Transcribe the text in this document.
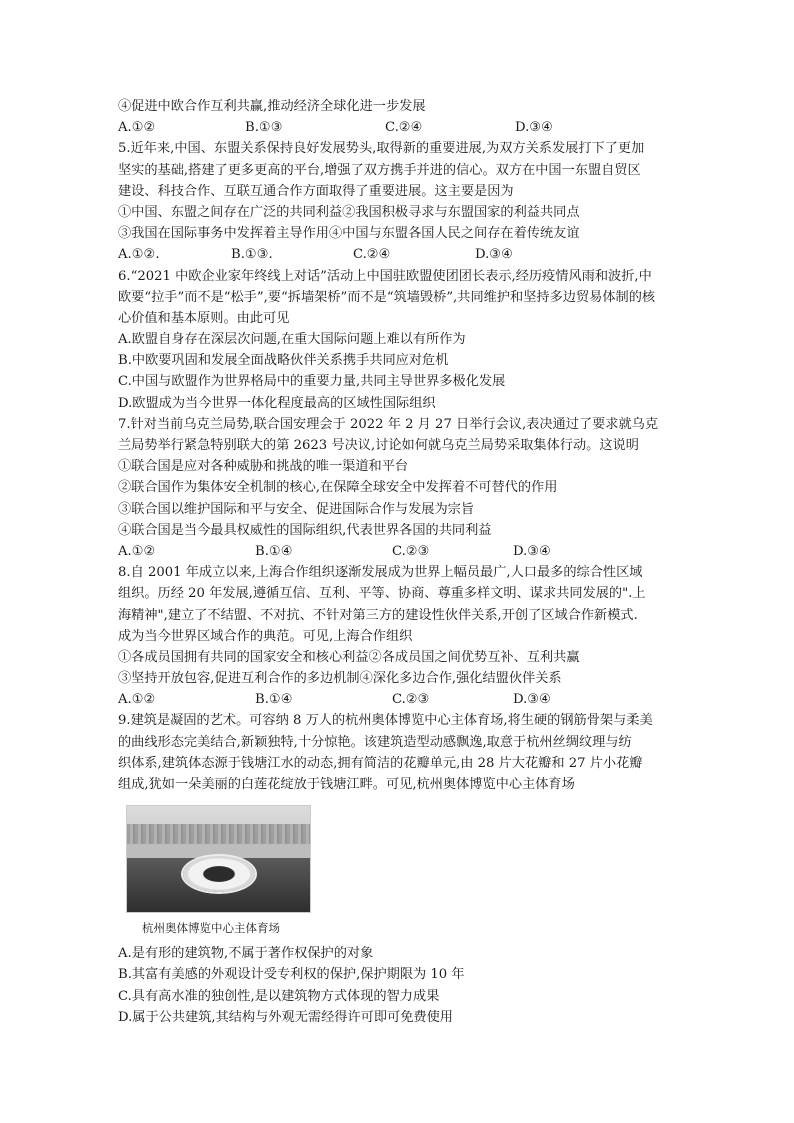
④促进中欧合作互利共赢,推动经济全球化进一步发展
A.①②	B.①③	C.②④	D.③④
5.近年来,中国、东盟关系保持良好发展势头,取得新的重要进展,为双方关系发展打下了更加
坚实的基础,搭建了更多更高的平台,增强了双方携手并进的信心。双方在中国一东盟自贸区
建设、科技合作、互联互通合作方面取得了重要进展。这主要是因为
①中国、东盟之间存在广泛的共同利益②我国积极寻求与东盟国家的利益共同点
③我国在国际事务中发挥着主导作用④中国与东盟各国人民之间存在着传统友谊
A.①②.	B.①③.	C.②④	D.③④
6.“2021 中欧企业家年终线上对话”活动上中国驻欧盟使团团长表示,经历疫情风雨和波折,中
欧要“拉手”而不是“松手”,要“拆墙架桥”而不是“筑墙毁桥”,共同维护和坚持多边贸易体制的核
心价值和基本原则。由此可见
A.欧盟自身存在深层次问题,在重大国际问题上难以有所作为
B.中欧要巩固和发展全面战略伙伴关系携手共同应对危机
C.中国与欧盟作为世界格局中的重要力量,共同主导世界多极化发展
D.欧盟成为当今世界一体化程度最高的区域性国际组织
7.针对当前乌克兰局势,联合国安理会于 2022 年 2 月 27 日举行会议,表决通过了要求就乌克
兰局势举行紧急特别联大的第 2623 号决议,讨论如何就乌克兰局势采取集体行动。这说明
①联合国是应对各种威胁和挑战的唯一渠道和平台
②联合国作为集体安全机制的核心,在保障全球安全中发挥着不可替代的作用
③联合国以维护国际和平与安全、促进国际合作与发展为宗旨
④联合国是当今最具权威性的国际组织,代表世界各国的共同利益
A.①②	B.①④	C.②③	D.③④
8.自 2001 年成立以来,上海合作组织逐渐发展成为世界上幅员最广,人口最多的综合性区域
组织。历经 20 年发展,遵循互信、互利、平等、协商、尊重多样文明、谋求共同发展的".上
海精神",建立了不结盟、不对抗、不针对第三方的建设性伙伴关系,开创了区域合作新模式.
成为当今世界区域合作的典范。可见,上海合作组织
①各成员国拥有共同的国家安全和核心利益②各成员国之间优势互补、互利共赢
③坚持开放包容,促进互利合作的多边机制④深化多边合作,强化结盟伙伴关系
A.①②	B.①④	C.②③	D.③④
9.建筑是凝固的艺术。可容纳 8 万人的杭州奥体博览中心主体育场,将生硬的钢筋骨架与柔美
的曲线形态完美结合,新颖独特,十分惊艳。该建筑造型动感飘逸,取意于杭州丝绸纹理与纺
织体系,建筑体态源于钱塘江水的动态,拥有简洁的花瓣单元,由 28 片大花瓣和 27 片小花瓣
组成,犹如一朵美丽的白莲花绽放于钱塘江畔。可见,杭州奥体博览中心主体育场
杭州奥体博览中心主体育场
A.是有形的建筑物,不属于著作权保护的对象
B.其富有美感的外观设计受专利权的保护,保护期限为 10 年
C.具有高水准的独创性,是以建筑物方式体现的智力成果
D.属于公共建筑,其结构与外观无需经得许可即可免费使用
